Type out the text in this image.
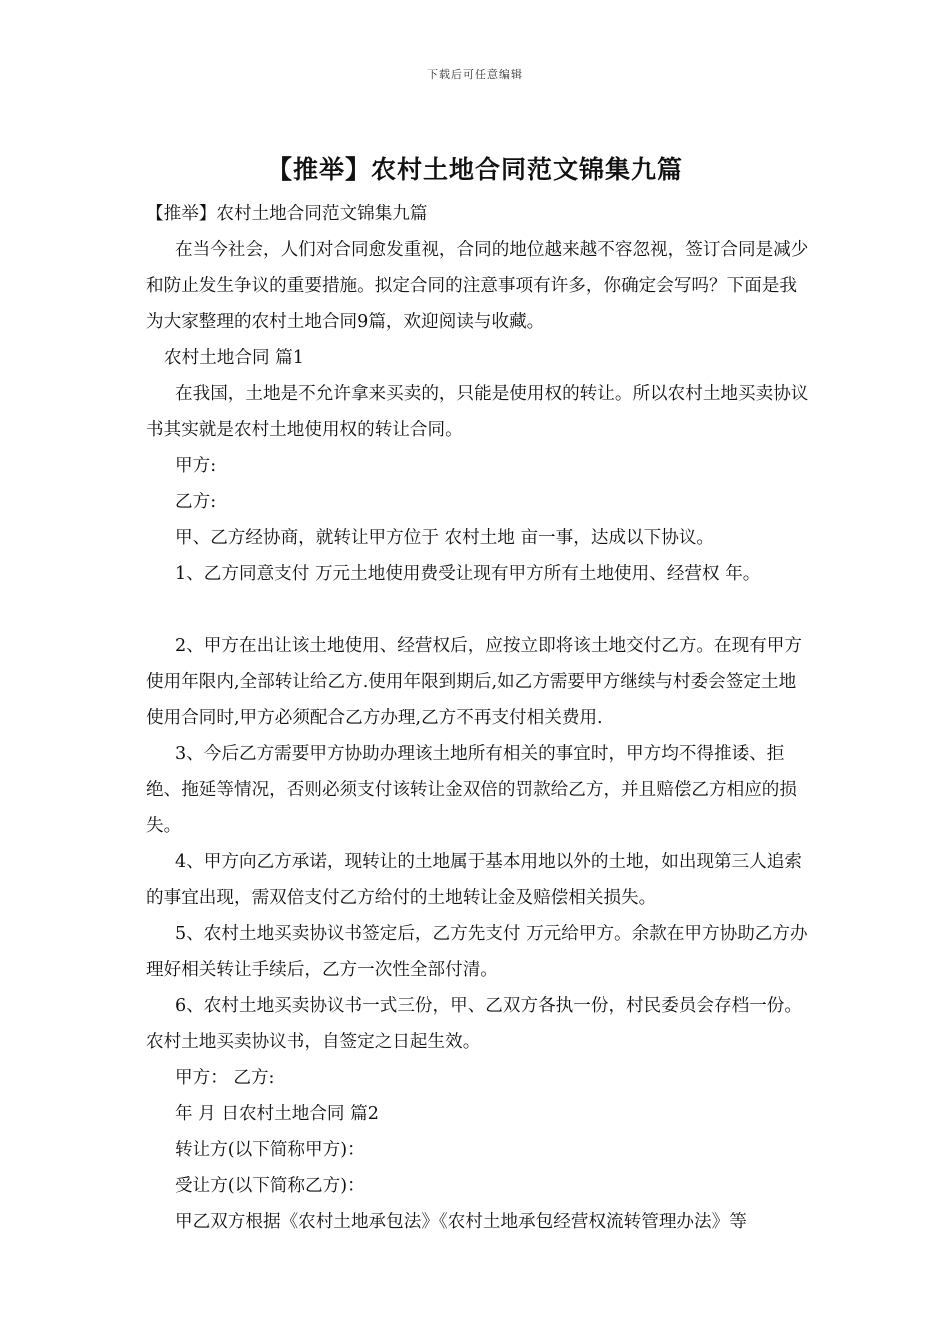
下载后可任意编辑
【推举】农村土地合同范文锦集九篇

【推举】农村土地合同范文锦集九篇

在当今社会，人们对合同愈发重视，合同的地位越来越不容忽视，签订合同是减少和防止发生争议的重要措施。拟定合同的注意事项有许多，你确定会写吗？下面是我为大家整理的农村土地合同9篇，欢迎阅读与收藏。

农村土地合同 篇1

在我国，土地是不允许拿来买卖的，只能是使用权的转让。所以农村土地买卖协议书其实就是农村土地使用权的转让合同。

甲方:

乙方:

甲、乙方经协商，就转让甲方位于 农村土地 亩一事，达成以下协议。

1、乙方同意支付 万元土地使用费受让现有甲方所有土地使用、经营权 年。

2、甲方在出让该土地使用、经营权后，应按立即将该土地交付乙方。在现有甲方使用年限内,全部转让给乙方.使用年限到期后,如乙方需要甲方继续与村委会签定土地使用合同时,甲方必须配合乙方办理,乙方不再支付相关费用.

3、今后乙方需要甲方协助办理该土地所有相关的事宜时，甲方均不得推诿、拒绝、拖延等情况，否则必须支付该转让金双倍的罚款给乙方，并且赔偿乙方相应的损失。

4、甲方向乙方承诺，现转让的土地属于基本用地以外的土地，如出现第三人追索的事宜出现，需双倍支付乙方给付的土地转让金及赔偿相关损失。

5、农村土地买卖协议书签定后，乙方先支付 万元给甲方。余款在甲方协助乙方办理好相关转让手续后，乙方一次性全部付清。

6、农村土地买卖协议书一式三份，甲、乙双方各执一份，村民委员会存档一份。农村土地买卖协议书，自签定之日起生效。

甲方： 乙方:

年 月 日农村土地合同 篇2

转让方(以下简称甲方)：

受让方(以下简称乙方)：

甲乙双方根据《农村土地承包法》《农村土地承包经营权流转管理办法》等
